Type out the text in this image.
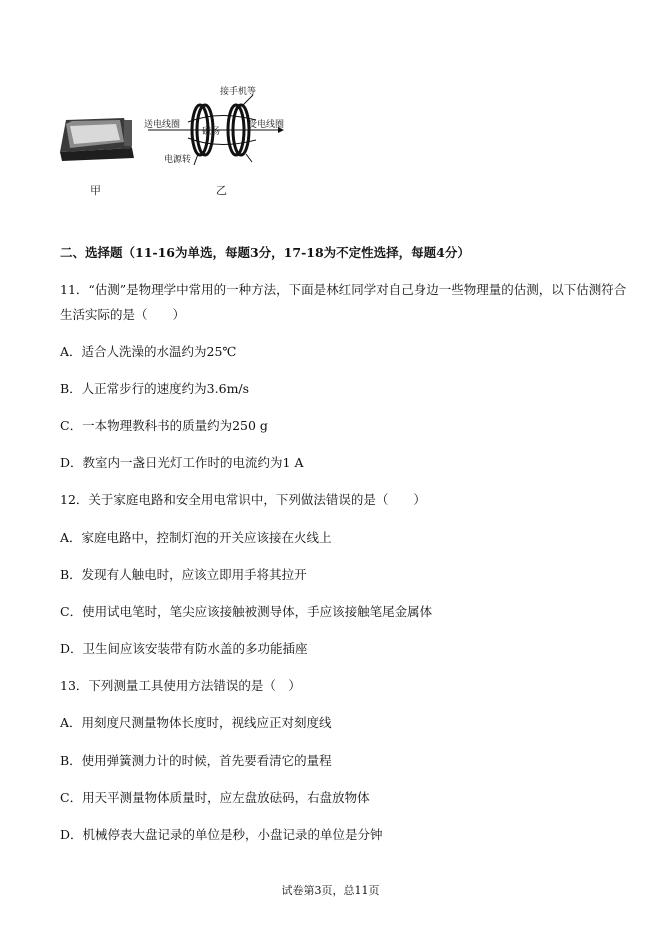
接手机等
送电线圈	受电线圈
磁场
电源转
甲	乙
二、选择题（11-16为单选，每题3分，17-18为不定性选择，每题4分）
11．“估测”是物理学中常用的一种方法，下面是林红同学对自己身边一些物理量的估测，以下估测符合
生活实际的是（　　）
A．适合人洗澡的水温约为25℃
B．人正常步行的速度约为3.6m/s
C．一本物理教科书的质量约为250 g
D．教室内一盏日光灯工作时的电流约为1 A
12．关于家庭电路和安全用电常识中，下列做法错误的是（　　）
A．家庭电路中，控制灯泡的开关应该接在火线上
B．发现有人触电时，应该立即用手将其拉开
C．使用试电笔时，笔尖应该接触被测导体，手应该接触笔尾金属体
D．卫生间应该安装带有防水盖的多功能插座
13．下列测量工具使用方法错误的是（　）
A．用刻度尺测量物体长度时，视线应正对刻度线
B．使用弹簧测力计的时候，首先要看清它的量程
C．用天平测量物体质量时，应左盘放砝码，右盘放物体
D．机械停表大盘记录的单位是秒，小盘记录的单位是分钟
试卷第3页，总11页
